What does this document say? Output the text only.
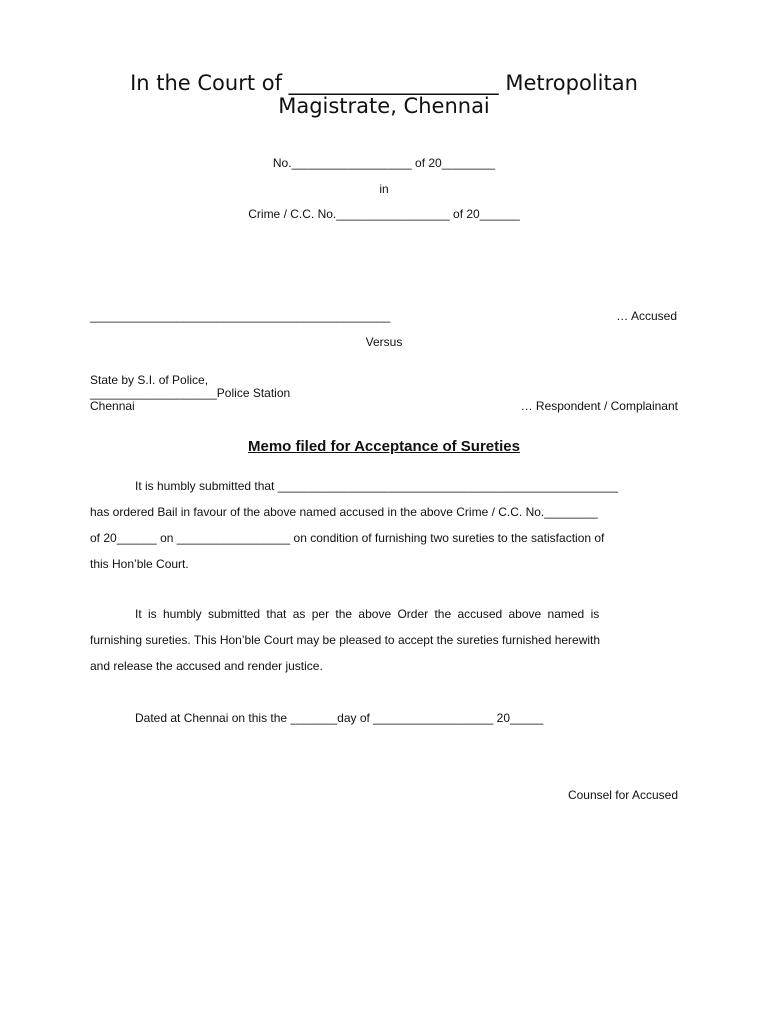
In the Court of ____________________ Metropolitan
Magistrate, Chennai
No.__________________ of 20________
in
Crime / C.C. No._________________ of 20______
_____________________________________________	… Accused
Versus
State by S.I. of Police,
___________________Police Station
Chennai	… Respondent / Complainant
Memo filed for Acceptance of Sureties
It is humbly submitted that ___________________________________________________
has ordered Bail in favour of the above named accused in the above Crime / C.C. No.________
of 20______ on _________________ on condition of furnishing two sureties to the satisfaction of
this Hon’ble Court.
It is humbly submitted that as per the above Order the accused above named is
furnishing sureties. This Hon’ble Court may be pleased to accept the sureties furnished herewith
and release the accused and render justice.
Dated at Chennai on this the _______day of __________________ 20_____
Counsel for Accused
